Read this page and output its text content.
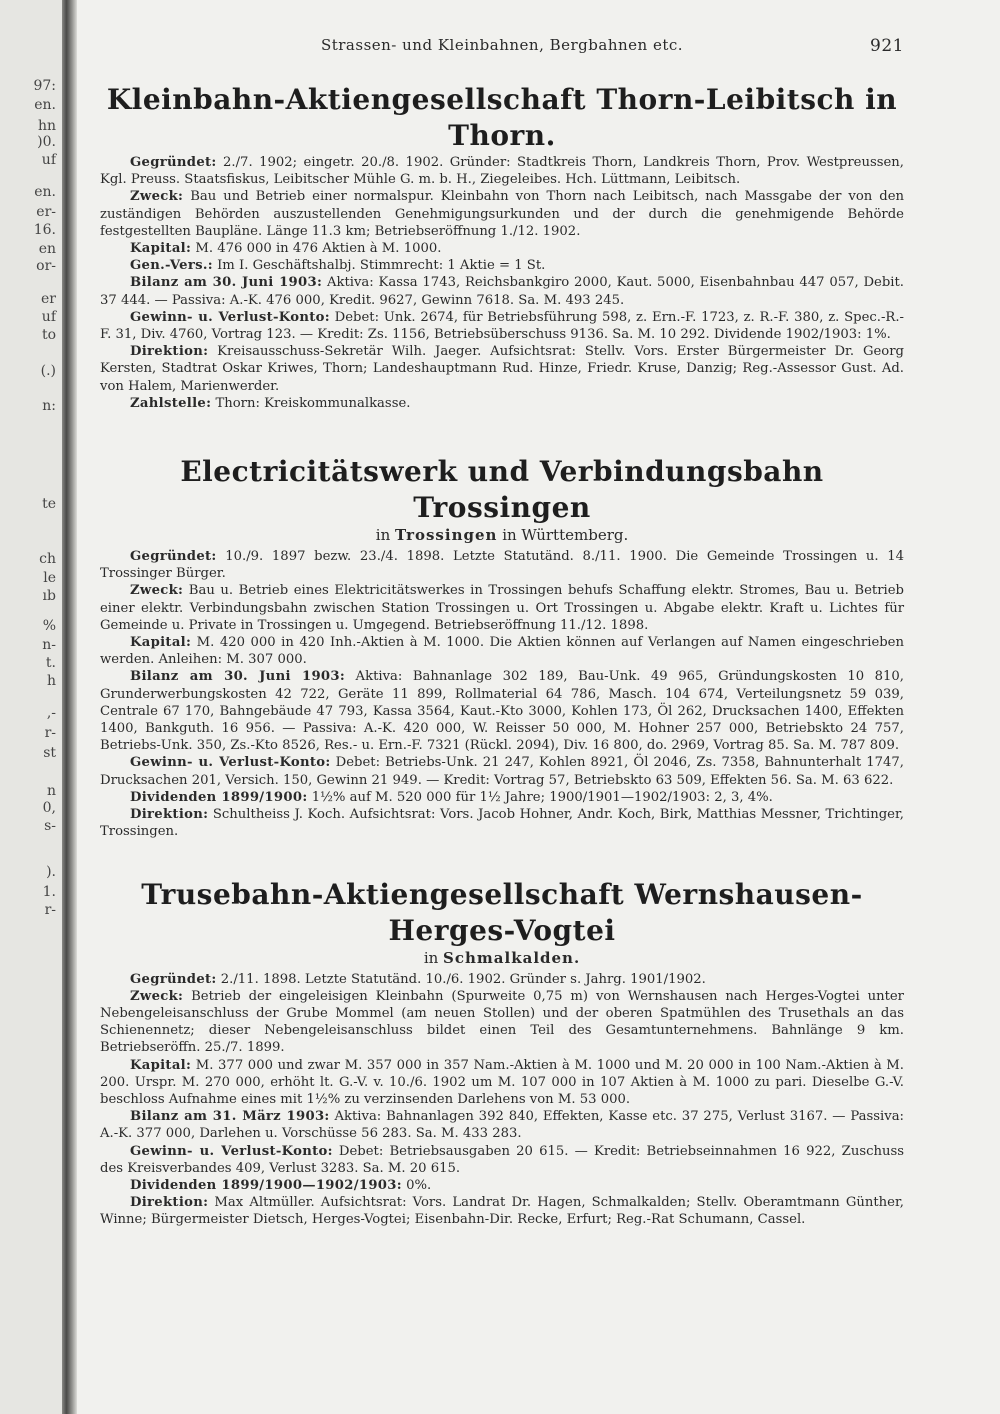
97:
en.
hn
)0.
uf
en.
er-
16.
en
or-
er
uf
to
(.)
n:
te
ch
le
ıb
%
n-
t.
h
,-
r-
st
n
0,
s-
).
1.
r-
Strassen- und Kleinbahnen, Bergbahnen etc.	921
Kleinbahn-Aktiengesellschaft Thorn-Leibitsch in Thorn.

Gegründet: 2./7. 1902; eingetr. 20./8. 1902. Gründer: Stadtkreis Thorn, Landkreis Thorn, Prov. Westpreussen, Kgl. Preuss. Staatsfiskus, Leibitscher Mühle G. m. b. H., Ziegeleibes. Hch. Lüttmann, Leibitsch.

Zweck: Bau und Betrieb einer normalspur. Kleinbahn von Thorn nach Leibitsch, nach Massgabe der von den zuständigen Behörden auszustellenden Genehmigungsurkunden und der durch die genehmigende Behörde festgestellten Baupläne. Länge 11.3 km; Betriebseröffnung 1./12. 1902.

Kapital: M. 476 000 in 476 Aktien à M. 1000.

Gen.-Vers.: Im I. Geschäftshalbj. Stimmrecht: 1 Aktie = 1 St.

Bilanz am 30. Juni 1903: Aktiva: Kassa 1743, Reichsbankgiro 2000, Kaut. 5000, Eisenbahnbau 447 057, Debit. 37 444. — Passiva: A.-K. 476 000, Kredit. 9627, Gewinn 7618. Sa. M. 493 245.

Gewinn- u. Verlust-Konto: Debet: Unk. 2674, für Betriebsführung 598, z. Ern.-F. 1723, z. R.-F. 380, z. Spec.-R.-F. 31, Div. 4760, Vortrag 123. — Kredit: Zs. 1156, Betriebsüberschuss 9136. Sa. M. 10 292. Dividende 1902/1903: 1%.

Direktion: Kreisausschuss-Sekretär Wilh. Jaeger. Aufsichtsrat: Stellv. Vors. Erster Bürgermeister Dr. Georg Kersten, Stadtrat Oskar Kriwes, Thorn; Landeshauptmann Rud. Hinze, Friedr. Kruse, Danzig; Reg.-Assessor Gust. Ad. von Halem, Marienwerder.

Zahlstelle: Thorn: Kreiskommunalkasse.

Electricitätswerk und Verbindungsbahn Trossingen
in Trossingen in Württemberg.

Gegründet: 10./9. 1897 bezw. 23./4. 1898. Letzte Statutänd. 8./11. 1900. Die Gemeinde Trossingen u. 14 Trossinger Bürger.

Zweck: Bau u. Betrieb eines Elektricitätswerkes in Trossingen behufs Schaffung elektr. Stromes, Bau u. Betrieb einer elektr. Verbindungsbahn zwischen Station Trossingen u. Ort Trossingen u. Abgabe elektr. Kraft u. Lichtes für Gemeinde u. Private in Trossingen u. Umgegend. Betriebseröffnung 11./12. 1898.

Kapital: M. 420 000 in 420 Inh.-Aktien à M. 1000. Die Aktien können auf Verlangen auf Namen eingeschrieben werden. Anleihen: M. 307 000.

Bilanz am 30. Juni 1903: Aktiva: Bahnanlage 302 189, Bau-Unk. 49 965, Gründungskosten 10 810, Grunderwerbungskosten 42 722, Geräte 11 899, Rollmaterial 64 786, Masch. 104 674, Verteilungsnetz 59 039, Centrale 67 170, Bahngebäude 47 793, Kassa 3564, Kaut.-Kto 3000, Kohlen 173, Öl 262, Drucksachen 1400, Effekten 1400, Bankguth. 16 956. — Passiva: A.-K. 420 000, W. Reisser 50 000, M. Hohner 257 000, Betriebskto 24 757, Betriebs-Unk. 350, Zs.-Kto 8526, Res.- u. Ern.-F. 7321 (Rückl. 2094), Div. 16 800, do. 2969, Vortrag 85. Sa. M. 787 809.

Gewinn- u. Verlust-Konto: Debet: Betriebs-Unk. 21 247, Kohlen 8921, Öl 2046, Zs. 7358, Bahnunterhalt 1747, Drucksachen 201, Versich. 150, Gewinn 21 949. — Kredit: Vortrag 57, Betriebskto 63 509, Effekten 56. Sa. M. 63 622.

Dividenden 1899/1900: 1½% auf M. 520 000 für 1½ Jahre; 1900/1901—1902/1903: 2, 3, 4%.

Direktion: Schultheiss J. Koch. Aufsichtsrat: Vors. Jacob Hohner, Andr. Koch, Birk, Matthias Messner, Trichtinger, Trossingen.

Trusebahn-Aktiengesellschaft Wernshausen-Herges-Vogtei
in Schmalkalden.

Gegründet: 2./11. 1898. Letzte Statutänd. 10./6. 1902. Gründer s. Jahrg. 1901/1902.

Zweck: Betrieb der eingeleisigen Kleinbahn (Spurweite 0,75 m) von Wernshausen nach Herges-Vogtei unter Nebengeleisanschluss der Grube Mommel (am neuen Stollen) und der oberen Spatmühlen des Trusethals an das Schienennetz; dieser Nebengeleisanschluss bildet einen Teil des Gesamtunternehmens. Bahnlänge 9 km. Betriebseröffn. 25./7. 1899.

Kapital: M. 377 000 und zwar M. 357 000 in 357 Nam.-Aktien à M. 1000 und M. 20 000 in 100 Nam.-Aktien à M. 200. Urspr. M. 270 000, erhöht lt. G.-V. v. 10./6. 1902 um M. 107 000 in 107 Aktien à M. 1000 zu pari. Dieselbe G.-V. beschloss Aufnahme eines mit 1½% zu verzinsenden Darlehens von M. 53 000.

Bilanz am 31. März 1903: Aktiva: Bahnanlagen 392 840, Effekten, Kasse etc. 37 275, Verlust 3167. — Passiva: A.-K. 377 000, Darlehen u. Vorschüsse 56 283. Sa. M. 433 283.

Gewinn- u. Verlust-Konto: Debet: Betriebsausgaben 20 615. — Kredit: Betriebseinnahmen 16 922, Zuschuss des Kreisverbandes 409, Verlust 3283. Sa. M. 20 615.

Dividenden 1899/1900—1902/1903: 0%.

Direktion: Max Altmüller. Aufsichtsrat: Vors. Landrat Dr. Hagen, Schmalkalden; Stellv. Oberamtmann Günther, Winne; Bürgermeister Dietsch, Herges-Vogtei; Eisenbahn-Dir. Recke, Erfurt; Reg.-Rat Schumann, Cassel.
